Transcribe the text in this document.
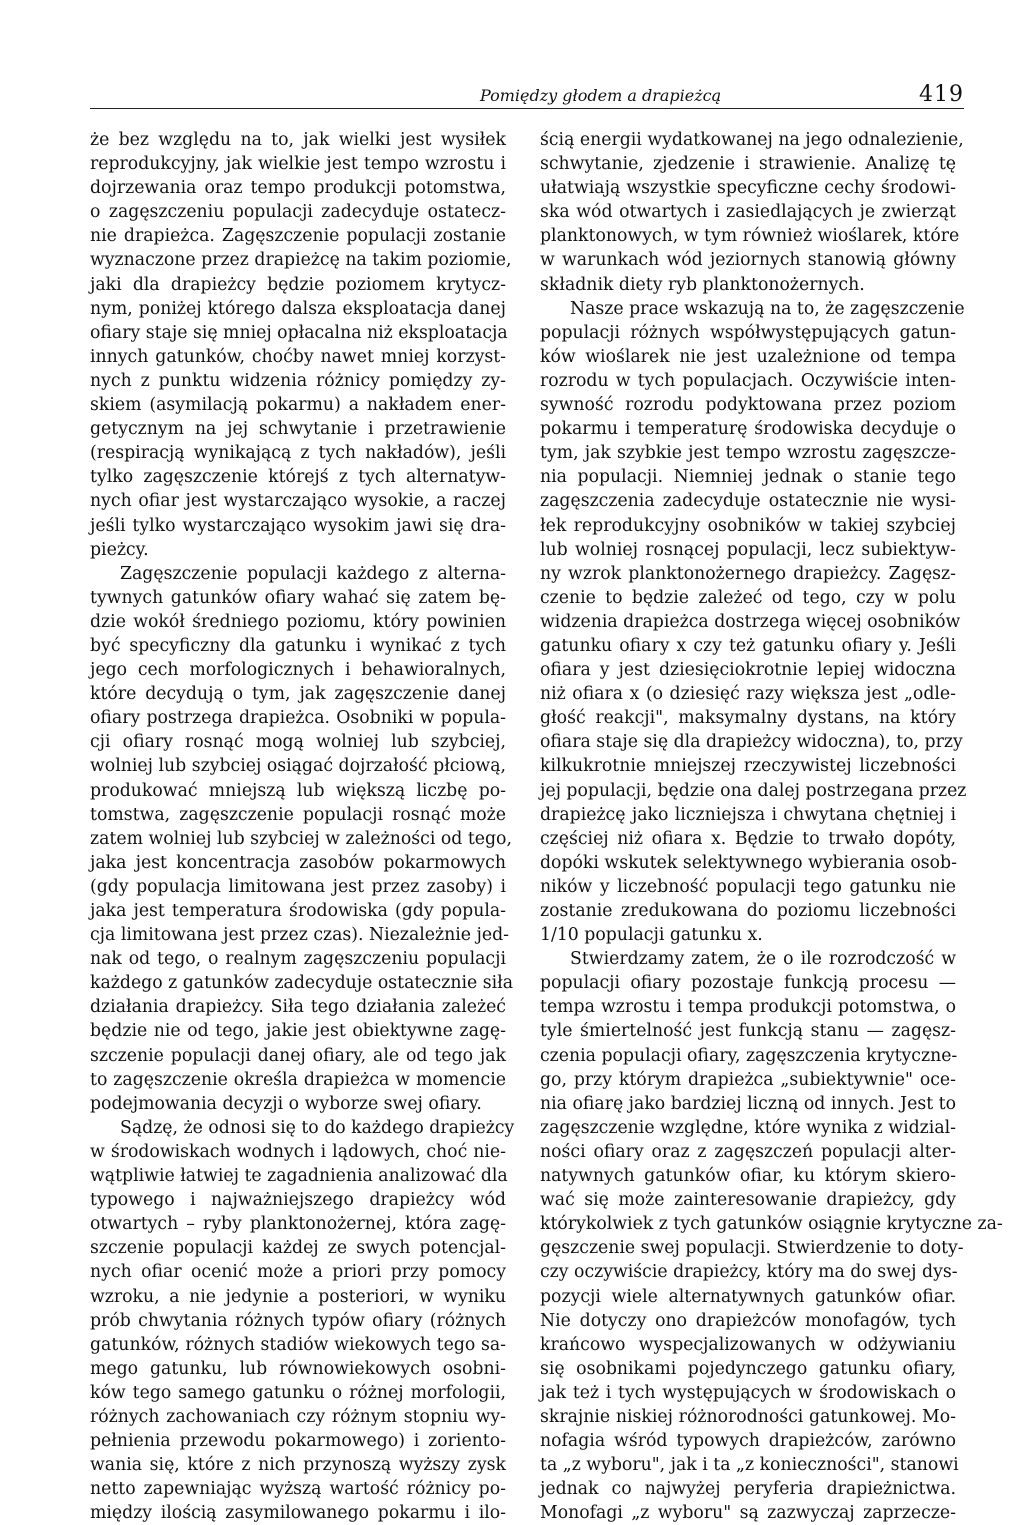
Pomiędzy głodem a drapieżcą	419
że bez względu na to, jak wielki jest wysiłek
reprodukcyjny, jak wielkie jest tempo wzrostu i
dojrzewania oraz tempo produkcji potomstwa,
o zagęszczeniu populacji zadecyduje ostatecz-
nie drapieżca. Zagęszczenie populacji zostanie
wyznaczone przez drapieżcę na takim poziomie,
jaki dla drapieżcy będzie poziomem krytycz-
nym, poniżej którego dalsza eksploatacja danej
ofiary staje się mniej opłacalna niż eksploatacja
innych gatunków, choćby nawet mniej korzyst-
nych z punktu widzenia różnicy pomiędzy zy-
skiem (asymilacją pokarmu) a nakładem ener-
getycznym na jej schwytanie i przetrawienie
(respiracją wynikającą z tych nakładów), jeśli
tylko zagęszczenie którejś z tych alternatyw-
nych ofiar jest wystarczająco wysokie, a raczej
jeśli tylko wystarczająco wysokim jawi się dra-
pieżcy.
Zagęszczenie populacji każdego z alterna-
tywnych gatunków ofiary wahać się zatem bę-
dzie wokół średniego poziomu, który powinien
być specyficzny dla gatunku i wynikać z tych
jego cech morfologicznych i behawioralnych,
które decydują o tym, jak zagęszczenie danej
ofiary postrzega drapieżca. Osobniki w popula-
cji ofiary rosnąć mogą wolniej lub szybciej,
wolniej lub szybciej osiągać dojrzałość płciową,
produkować mniejszą lub większą liczbę po-
tomstwa, zagęszczenie populacji rosnąć może
zatem wolniej lub szybciej w zależności od tego,
jaka jest koncentracja zasobów pokarmowych
(gdy populacja limitowana jest przez zasoby) i
jaka jest temperatura środowiska (gdy popula-
cja limitowana jest przez czas). Niezależnie jed-
nak od tego, o realnym zagęszczeniu populacji
każdego z gatunków zadecyduje ostatecznie siła
działania drapieżcy. Siła tego działania zależeć
będzie nie od tego, jakie jest obiektywne zagę-
szczenie populacji danej ofiary, ale od tego jak
to zagęszczenie określa drapieżca w momencie
podejmowania decyzji o wyborze swej ofiary.
Sądzę, że odnosi się to do każdego drapieżcy
w środowiskach wodnych i lądowych, choć nie-
wątpliwie łatwiej te zagadnienia analizować dla
typowego i najważniejszego drapieżcy wód
otwartych – ryby planktonożernej, która zagę-
szczenie populacji każdej ze swych potencjal-
nych ofiar ocenić może a priori przy pomocy
wzroku, a nie jedynie a posteriori, w wyniku
prób chwytania różnych typów ofiary (różnych
gatunków, różnych stadiów wiekowych tego sa-
mego gatunku, lub równowiekowych osobni-
ków tego samego gatunku o różnej morfologii,
różnych zachowaniach czy różnym stopniu wy-
pełnienia przewodu pokarmowego) i zoriento-
wania się, które z nich przynoszą wyższy zysk
netto zapewniając wyższą wartość różnicy po-
między ilością zasymilowanego pokarmu i ilo-
ścią energii wydatkowanej na jego odnalezienie,
schwytanie, zjedzenie i strawienie. Analizę tę
ułatwiają wszystkie specyficzne cechy środowi-
ska wód otwartych i zasiedlających je zwierząt
planktonowych, w tym również wioślarek, które
w warunkach wód jeziornych stanowią główny
składnik diety ryb planktonożernych.
Nasze prace wskazują na to, że zagęszczenie
populacji różnych współwystępujących gatun-
ków wioślarek nie jest uzależnione od tempa
rozrodu w tych populacjach. Oczywiście inten-
sywność rozrodu podyktowana przez poziom
pokarmu i temperaturę środowiska decyduje o
tym, jak szybkie jest tempo wzrostu zagęszcze-
nia populacji. Niemniej jednak o stanie tego
zagęszczenia zadecyduje ostatecznie nie wysi-
łek reprodukcyjny osobników w takiej szybciej
lub wolniej rosnącej populacji, lecz subiektyw-
ny wzrok planktonożernego drapieżcy. Zagęsz-
czenie to będzie zależeć od tego, czy w polu
widzenia drapieżca dostrzega więcej osobników
gatunku ofiary x czy też gatunku ofiary y. Jeśli
ofiara y jest dziesięciokrotnie lepiej widoczna
niż ofiara x (o dziesięć razy większa jest „odle-
głość reakcji", maksymalny dystans, na który
ofiara staje się dla drapieżcy widoczna), to, przy
kilkukrotnie mniejszej rzeczywistej liczebności
jej populacji, będzie ona dalej postrzegana przez
drapieżcę jako liczniejsza i chwytana chętniej i
częściej niż ofiara x. Będzie to trwało dopóty,
dopóki wskutek selektywnego wybierania osob-
ników y liczebność populacji tego gatunku nie
zostanie zredukowana do poziomu liczebności
1/10 populacji gatunku x.
Stwierdzamy zatem, że o ile rozrodczość w
populacji ofiary pozostaje funkcją procesu —
tempa wzrostu i tempa produkcji potomstwa, o
tyle śmiertelność jest funkcją stanu — zagęsz-
czenia populacji ofiary, zagęszczenia krytyczne-
go, przy którym drapieżca „subiektywnie" oce-
nia ofiarę jako bardziej liczną od innych. Jest to
zagęszczenie względne, które wynika z widzial-
ności ofiary oraz z zagęszczeń populacji alter-
natywnych gatunków ofiar, ku którym skiero-
wać się może zainteresowanie drapieżcy, gdy
którykolwiek z tych gatunków osiągnie krytyczne za-
gęszczenie swej populacji. Stwierdzenie to doty-
czy oczywiście drapieżcy, który ma do swej dys-
pozycji wiele alternatywnych gatunków ofiar.
Nie dotyczy ono drapieżców monofagów, tych
krańcowo wyspecjalizowanych w odżywianiu
się osobnikami pojedynczego gatunku ofiary,
jak też i tych występujących w środowiskach o
skrajnie niskiej różnorodności gatunkowej. Mo-
nofagia wśród typowych drapieżców, zarówno
ta „z wyboru", jak i ta „z konieczności", stanowi
jednak co najwyżej peryferia drapieżnictwa.
Monofagi „z wyboru" są zazwyczaj zaprzecze-
